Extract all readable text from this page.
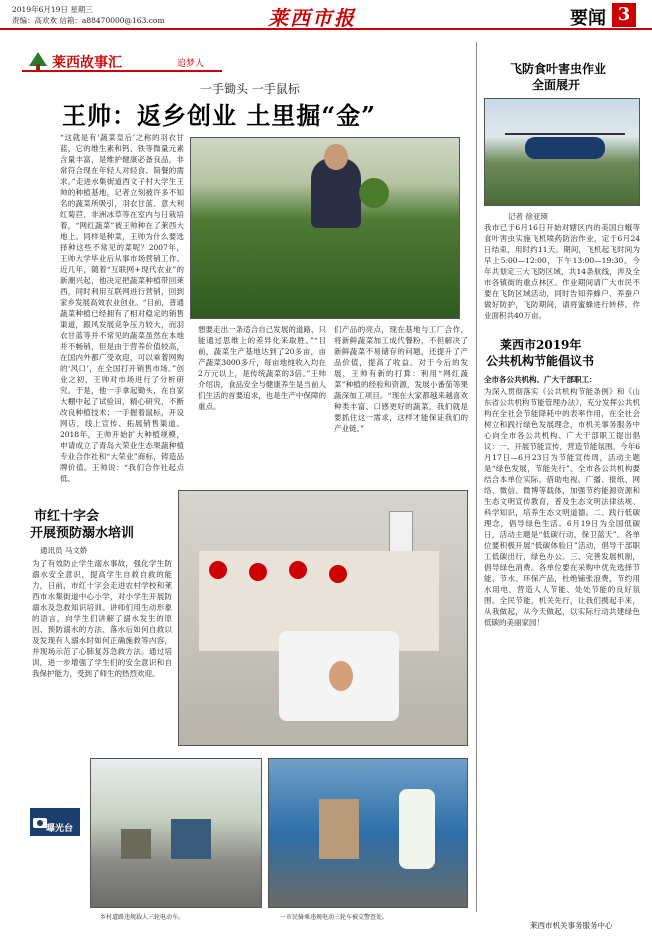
2019年6月19日 星期三
责编：高欢欢 信箱：a88470000@163.com	莱西市报	要闻 3
莱西故事汇	追梦人
一手锄头 一手鼠标
王帅：返乡创业 土里掘“金”
“这就是有‘蔬菜皇后’之称的羽衣甘蓝，它的维生素和钙、铁等微量元素含量丰富，是维护健康必备良品，非常符合现在年轻人对轻食、简餐的需求。”走进水集街道西文子村大学生王帅的种植基地，记者立刻被许多不知名的蔬菜所吸引，羽衣甘蓝、意大利红菊苣、非洲冰草等在室内与日栽培着，“网红蔬菜”被王帅种在了莱西大地上。同样是种菜，王帅为什么要选择种这些不常见的菜呢？2007年，王帅大学毕业后从事市场营销工作。近几年，随着“互联网+现代农业”的新潮兴起，他决定把蔬菜种植带回莱西，同时利用互联网进行营销，回到家乡发展高效农业创业。“目前，普通蔬菜种植已经拥有了相对稳定的销售渠道，跟风发展竞争压力较大，而羽衣甘蓝等并不常见的蔬菜虽然在本地并不畅销，但是由于营养价值较高，在国内外都广受欢迎，可以乘着网购的‘风口’，在全国打开销售市场。”创业之初，王帅对市场进行了分析研究。于是，他一手拿起锄头，在自家大棚中起了试验田，精心研究，不断改良种植技术；一手握着鼠标，开设网店，线上宣传、拓展销售渠道。2018年，王帅开始扩大种植规模，申请成立了青岛大荣业生态果蔬种植专业合作社和“大荣业”商标，铸造品牌价值。王帅说：“我们合作社起点低、
想要走出一条适合自己发展的道路，只能通过思维上的差异化来取胜。”“目前，蔬菜生产基地达到了20多亩，亩产蔬菜3000多斤，每亩地纯收入均在2万元以上，是传统蔬菜的3倍。”王帅介绍说，食品安全与健康养生是当前人们生活的首要追求，也是生产中保障的重点。
们产品的亮点，现在基地与工厂合作，将新鲜蔬菜加工成代餐粉，不但解决了新鲜蔬菜不易储存的问题，还提升了产品价值，提高了收益。对于今后的发展，王帅有新的打算：利用“网红蔬菜”种植的经验和资源，发展小番茄等果蔬深加工项目。“现在大家都越来越喜欢种类丰富、口感更好的蔬菜，我们就是要抓住这一需求，这样才能保证我们的产业链。”
市红十字会
开展预防溺水培训
通讯员 马文娇
为了有效防止学生溺水事故，强化学生防溺水安全意识，提高学生自救自救的能力，日前，市红十字会走进农村学校和莱西市水集街道中心小学，对小学生开展防溺水及急救知识培训。讲师们用生动形象的语言，向学生们讲解了溺水发生的原因、预防溺水的方法、落水后如何自救以及发现有人溺水时如何正确施救等内容，并现场示范了心肺复苏急救方法。通过培训，进一步增强了学生们的安全意识和自我保护能力，受到了师生的热烈欢迎。
曝光台
乡村道路违规载人三轮电动车。	一市民骑乘违规电动三轮车被交警查处。
飞防食叶害虫作业
全面展开
记者 徐亚瑛
我市已于6月16日开始对辖区内的美国白蛾等食叶害虫实施飞机喷药防治作业，定于6月24日结束，用时约11天。期间，飞机起飞时间为早上5:00—12:00，下午13:00—19:30。今年共划定三大飞防区域，共14条航线，涉及全市各镇街的重点林区。作业期间请广大市民不要在飞防区域活动，同时告知养蜂户、养蚕户做好防护，飞防期间，请将蜜蜂进行转移。作业面积共40万亩。
莱西市2019年
公共机构节能倡议书
全市各公共机构、广大干部职工：
为深入贯彻落实《公共机构节能条例》和《山东省公共机构节能管理办法》，充分发挥公共机构在全社会节能降耗中的表率作用，在全社会树立和践行绿色发展理念，市机关事务服务中心向全市各公共机构、广大干部职工提出倡议：一、开展节能宣传，营造节能氛围。今年6月17日—6月23日为节能宣传周，活动主题是“绿色发展，节能先行”。全市各公共机构要结合本单位实际，借助电视、广播、报纸、网络、微信、微博等载体，加强节约能源资源和生态文明宣传教育，普及生态文明法律法规、科学知识，培养生态文明道德。二、践行低碳理念，倡导绿色生活。6月19日为全国低碳日，活动主题是“低碳行动，保卫蓝天”。各单位要积极开展“低碳体验日”活动，倡导干部职工低碳出行，绿色办公。三、完善发展机制，倡导绿色消费。各单位要在采购中优先选择节能、节水、环保产品，杜绝铺张浪费，节约用水用电，营造人人节能、处处节能的良好氛围。全民节能，机关先行，让我们携起手来，从我做起，从今天做起，以实际行动共建绿色低碳的美丽家园！
莱西市机关事务服务中心
